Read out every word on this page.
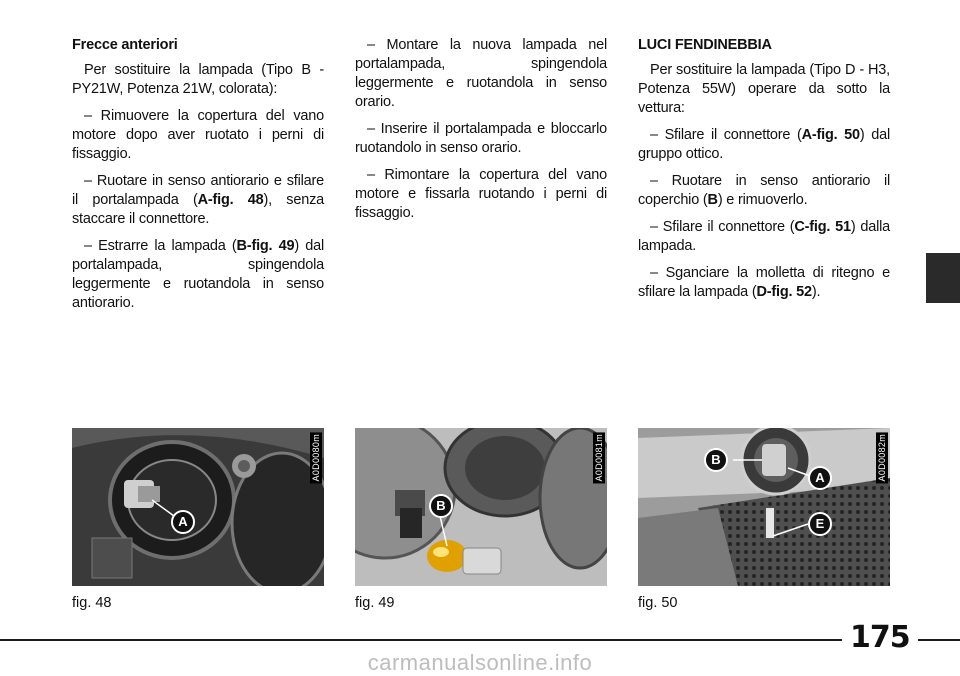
Frecce anteriori

Per sostituire la lampada (Tipo B - PY21W, Potenza 21W, colorata):

– Rimuovere la copertura del vano motore dopo aver ruotato i perni di fissaggio.

– Ruotare in senso antiorario e sfilare il portalampada (A-fig. 48), senza staccare il connettore.

– Estrarre la lampada (B-fig. 49) dal portalampada, spingendola leggermente e ruotandola in senso antiorario.

– Montare la nuova lampada nel portalampada, spingendola leggermente e ruotandola in senso orario.

– Inserire il portalampada e bloccarlo ruotandolo in senso orario.

– Rimontare la copertura del vano motore e fissarla ruotando i perni di fissaggio.

LUCI FENDINEBBIA

Per sostituire la lampada (Tipo D - H3, Potenza 55W) operare da sotto la vettura:

– Sfilare il connettore (A-fig. 50) dal gruppo ottico.

– Ruotare in senso antiorario il coperchio (B) e rimuoverlo.

– Sfilare il connettore (C-fig. 51) dalla lampada.

– Sganciare la molletta di ritegno e sfilare la lampada (D-fig. 52).

A
A0D0080m
fig. 48
B
A0D0081m
fig. 49
B
A
E
A0D0082m
fig. 50
175
carmanualsonline.info
